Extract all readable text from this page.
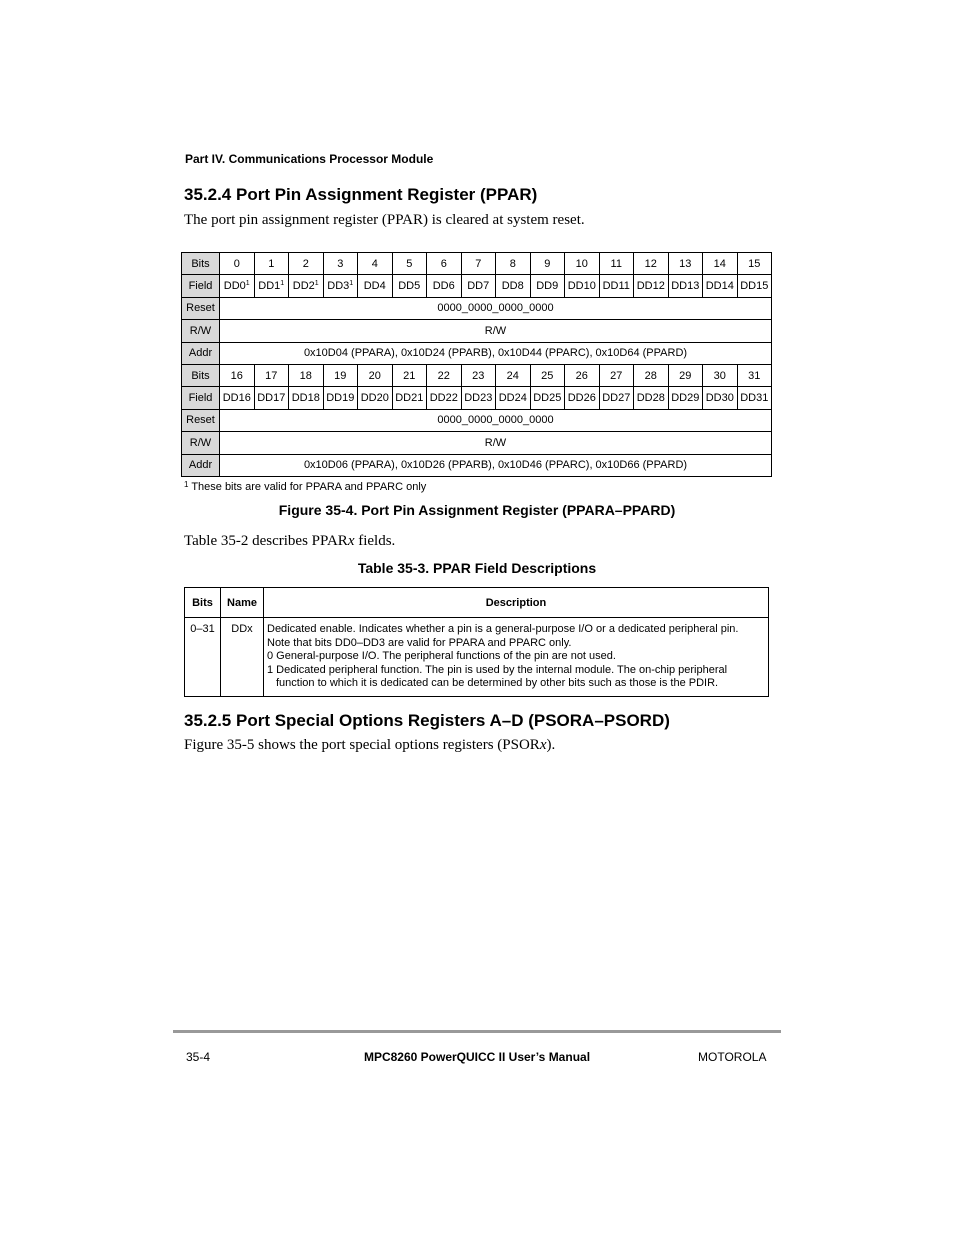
Part IV. Communications Processor Module
35.2.4 Port Pin Assignment Register (PPAR)
The port pin assignment register (PPAR) is cleared at system reset.
Bits	0	1	2	3	4	5	6	7	8	9	10	11	12	13	14	15
Field	$DD0^1$	$DD1^1$	$DD2^1$	$DD3^1$	DD4	DD5	DD6	DD7	DD8	DD9	DD10	DD11	DD12	DD13	DD14	DD15
Reset	0000_0000_0000_0000															
R/W	R/W															
Addr	0x10D04 (PPARA), 0x10D24 (PPARB), 0x10D44 (PPARC), 0x10D64 (PPARD)															
Bits	16	17	18	19	20	21	22	23	24	25	26	27	28	29	30	31
Field	DD16	DD17	DD18	DD19	DD20	DD21	DD22	DD23	DD24	DD25	DD26	DD27	DD28	DD29	DD30	DD31
Reset	0000_0000_0000_0000															
R/W	R/W															
Addr	0x10D06 (PPARA), 0x10D26 (PPARB), 0x10D46 (PPARC), 0x10D66 (PPARD)															
$^1$ These bits are valid for PPARA and PPARC only
Figure 35-4. Port Pin Assignment Register (PPARA–PPARD)
Table 35-2 describes PPARx fields.
Table 35-3. PPAR Field Descriptions
Bits	Name	Description
0–31	DDx	Dedicated enable. Indicates whether a pin is a general-purpose I/O or a dedicated peripheral pin.
Note that bits DD0–DD3 are valid for PPARA and PPARC only.
0 General-purpose I/O. The peripheral functions of the pin are not used.
1 Dedicated peripheral function. The pin is used by the internal module. The on-chip peripheral
function to which it is dedicated can be determined by other bits such as those is the PDIR.
35.2.5 Port Special Options Registers A–D (PSORA–PSORD)
Figure 35-5 shows the port special options registers (PSORx).
35-4	MPC8260 PowerQUICC II User’s Manual	MOTOROLA
